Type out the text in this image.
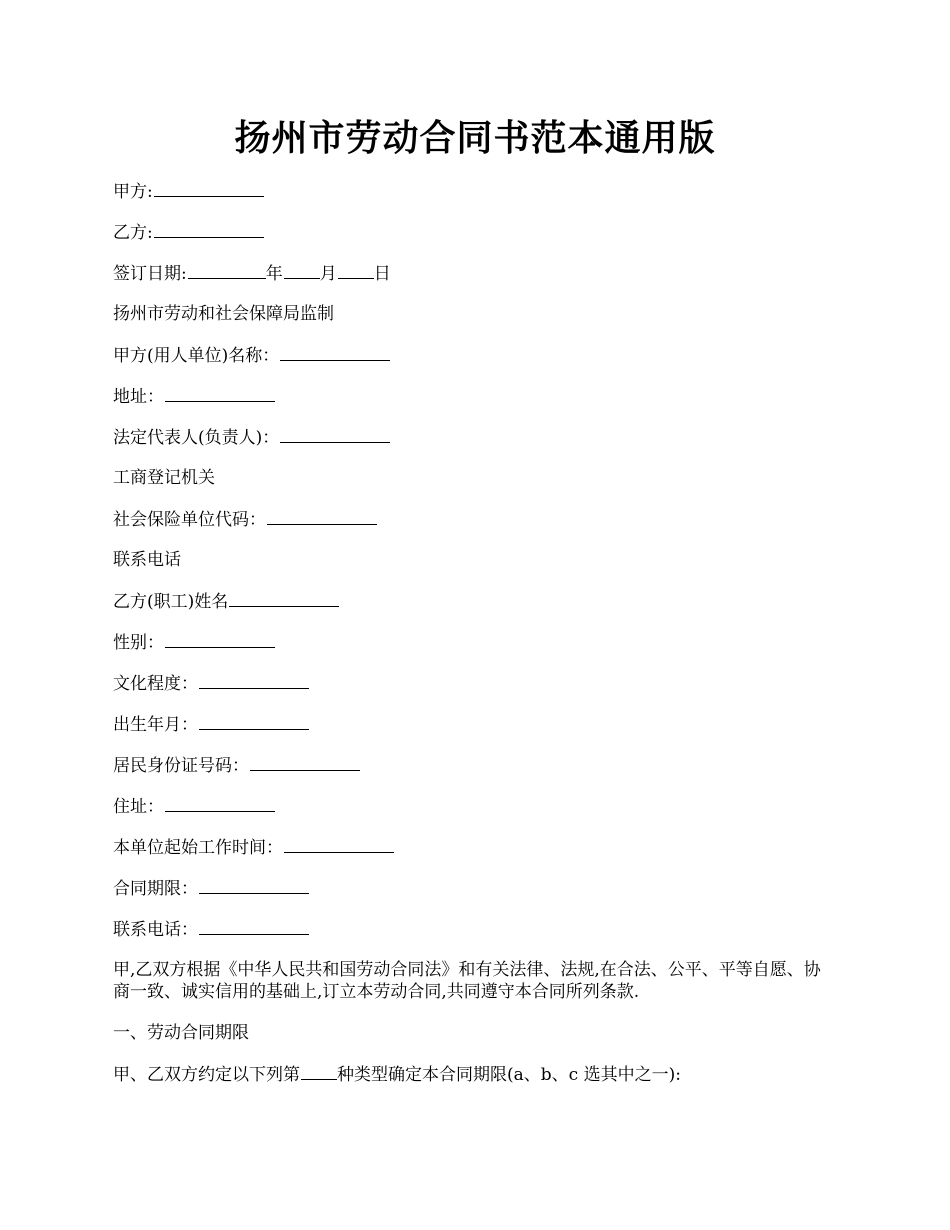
扬州市劳动合同书范本通用版
甲方:
乙方:
签订日期:	年 月 日
扬州市劳动和社会保障局监制
甲方(用人单位)名称：
地址：
法定代表人(负责人)：
工商登记机关
社会保险单位代码：
联系电话
乙方(职工)姓名
性别：
文化程度：
出生年月：
居民身份证号码：
住址：
本单位起始工作时间：
合同期限：
联系电话：
甲,乙双方根据《中华人民共和国劳动合同法》和有关法律、法规,在合法、公平、平等自愿、协商一致、诚实信用的基础上,订立本劳动合同,共同遵守本合同所列条款.
一、劳动合同期限
甲、乙双方约定以下列第 种类型确定本合同期限(a、b、c 选其中之一):
